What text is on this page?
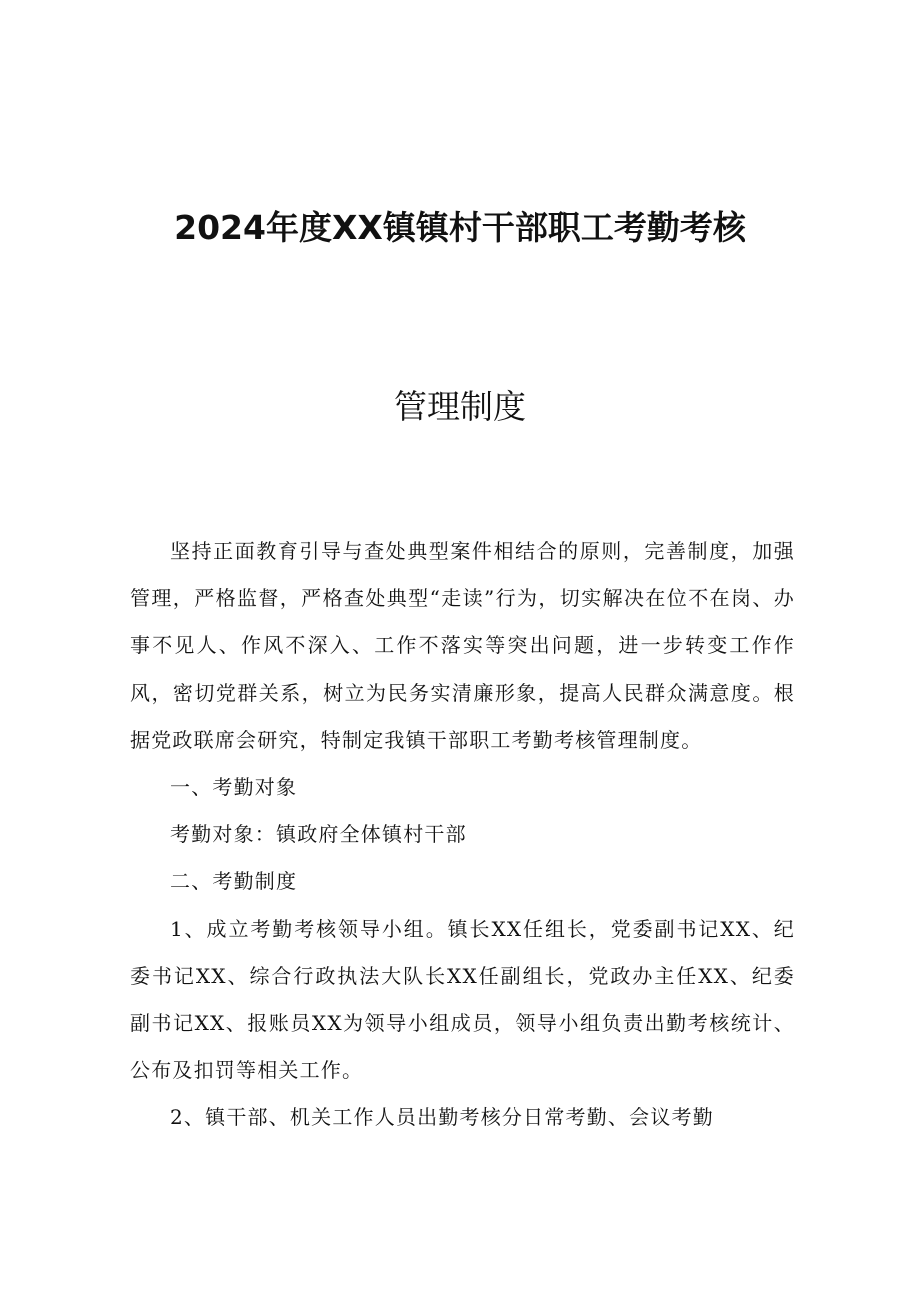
2024年度XX镇镇村干部职工考勤考核
管理制度

坚持正面教育引导与查处典型案件相结合的原则，完善制度，加强管理，严格监督，严格查处典型“走读”行为，切实解决在位不在岗、办事不见人、作风不深入、工作不落实等突出问题，进一步转变工作作风，密切党群关系，树立为民务实清廉形象，提高人民群众满意度。根据党政联席会研究，特制定我镇干部职工考勤考核管理制度。

一、考勤对象

考勤对象：镇政府全体镇村干部

二、考勤制度

1、成立考勤考核领导小组。镇长XX任组长，党委副书记XX、纪委书记XX、综合行政执法大队长XX任副组长，党政办主任XX、纪委副书记XX、报账员XX为领导小组成员，领导小组负责出勤考核统计、公布及扣罚等相关工作。

2、镇干部、机关工作人员出勤考核分日常考勤、会议考勤
